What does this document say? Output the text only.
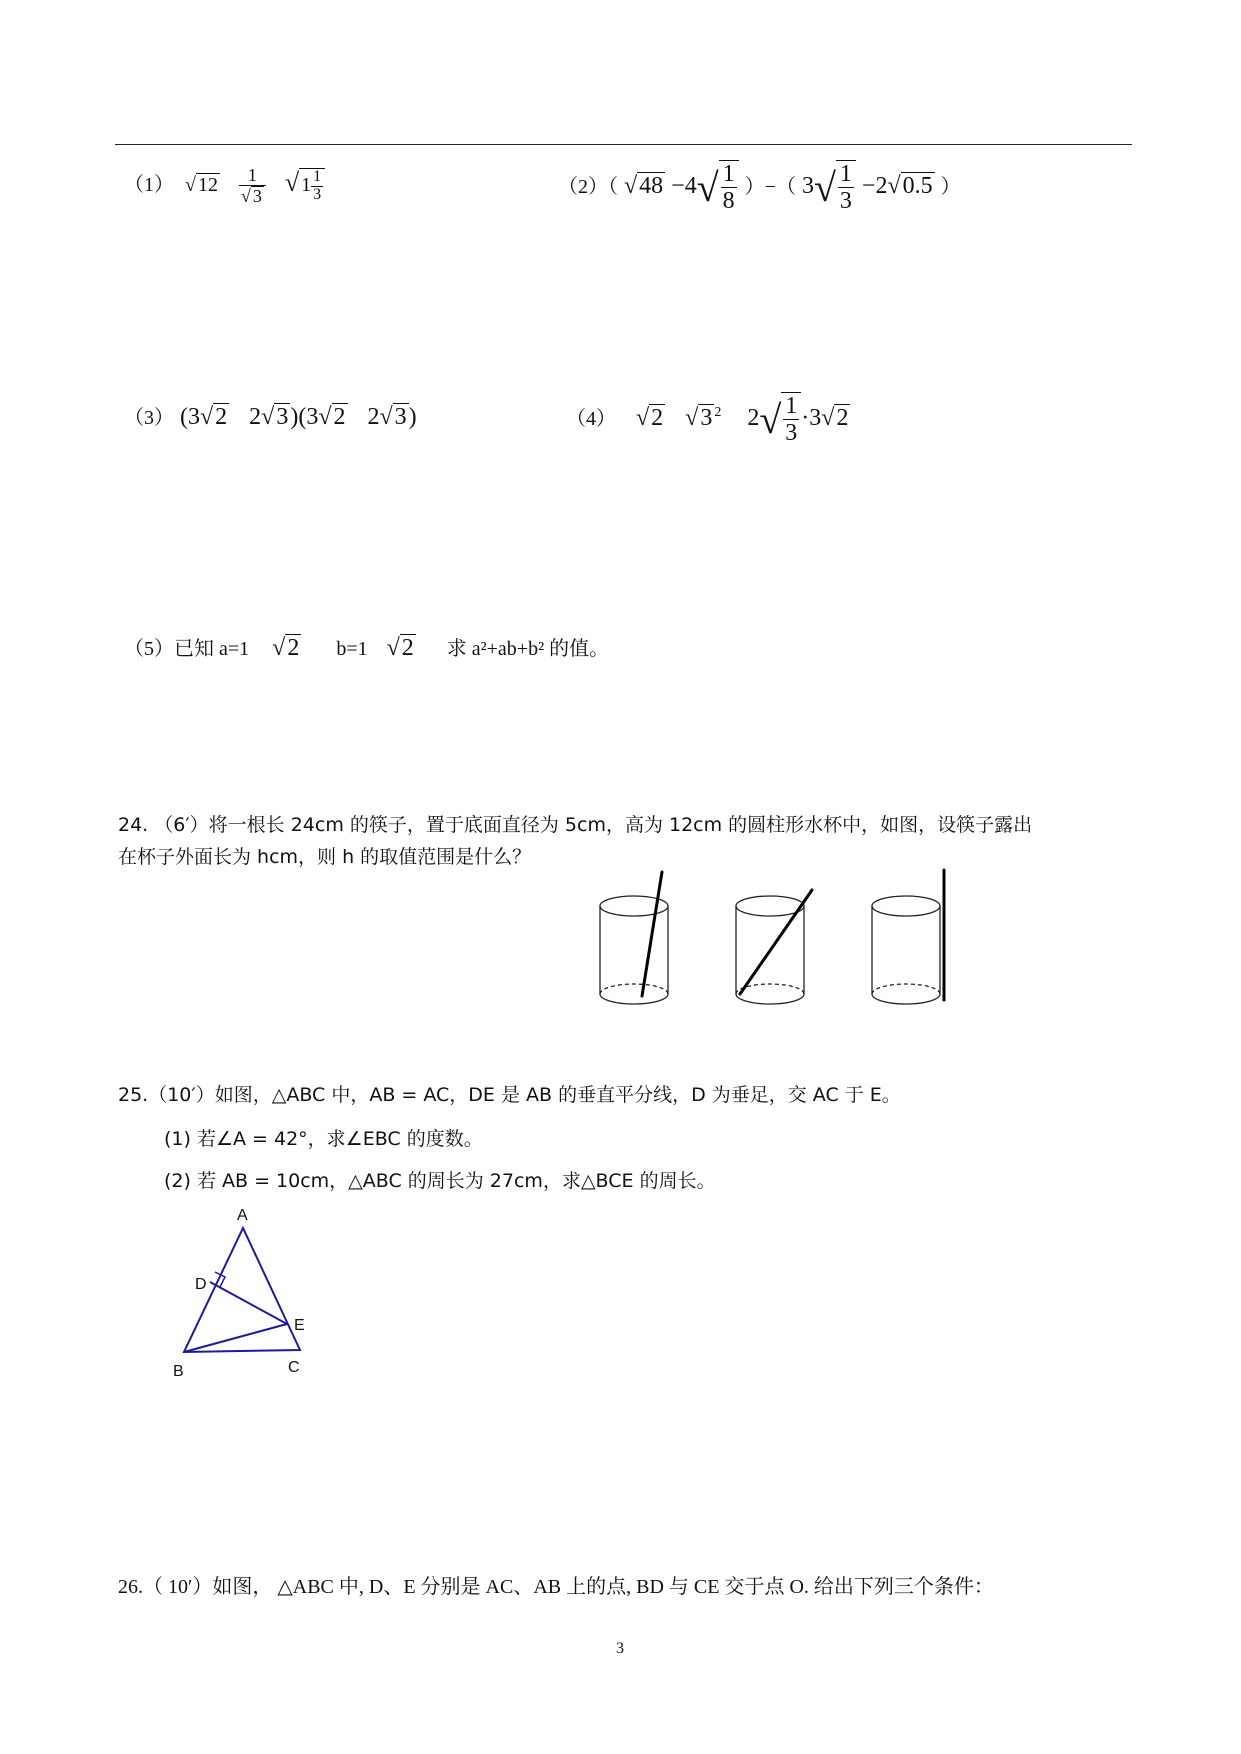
（1） √ $12 \frac{1}{√ 3}$ √ $1 \frac{1}{3}$	（2）（ $√48 -4√ \frac{1}{8}$ ）−（ $3√ \frac{1}{3} -2√0.5$ ）
（3） (3√2 2√3)(3√2 2√3)	（4） √2 √3 $^2$ $2√ \frac{1}{3} \cdot 3√2$
（5）已知 a=1 √2 b=1 √2 求 a²+ab+b² 的值。
24. （6′）将一根长 24cm 的筷子，置于底面直径为 5cm，高为 12cm 的圆柱形水杯中，如图，设筷子露出
在杯子外面长为 hcm，则 h 的取值范围是什么？
25.（10′）如图，△ABC 中，AB = AC，DE 是 AB 的垂直平分线，D 为垂足，交 AC 于 E。
(1) 若∠A = 42°，求∠EBC 的度数。
(2) 若 AB = 10cm，△ABC 的周长为 27cm，求△BCE 的周长。
A
D
E
B	C
26.（ 10′）如图， △ABC 中, D、E 分别是 AC、AB 上的点, BD 与 CE 交于点 O. 给出下列三个条件：
3
